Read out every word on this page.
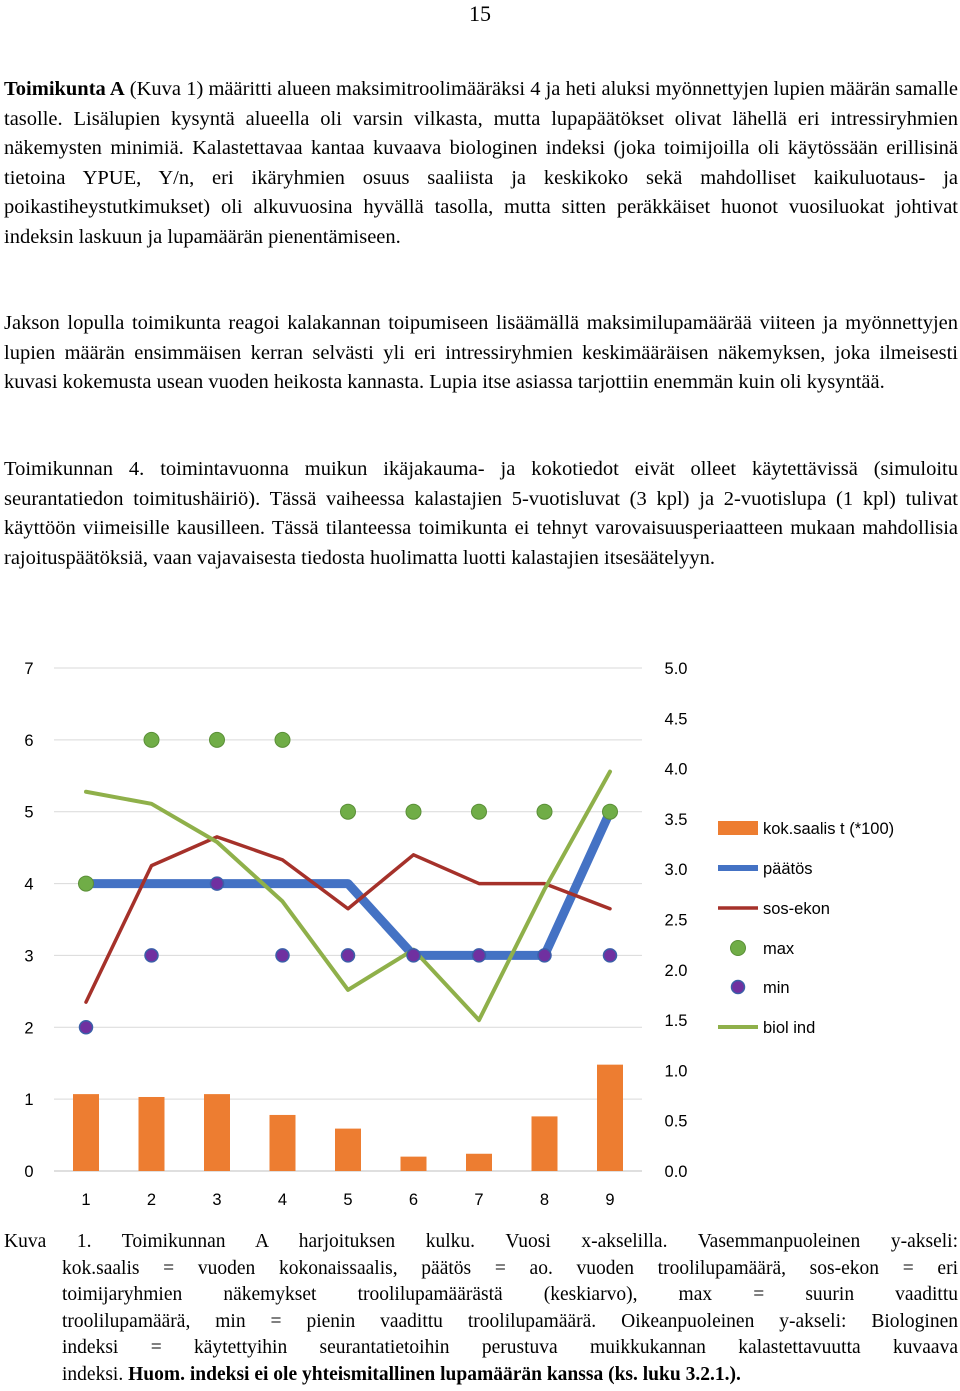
15

Toimikunta A (Kuva 1) määritti alueen maksimitroolimääräksi 4 ja heti aluksi myönnettyjen lupien määrän samalle tasolle. Lisälupien kysyntä alueella oli varsin vilkasta, mutta lupapäätökset olivat lähellä eri intressiryhmien näkemysten minimiä. Kalastettavaa kantaa kuvaava biologinen indeksi (joka toimijoilla oli käytössään erillisinä tietoina YPUE, Y/n, eri ikäryhmien osuus saaliista ja keskikoko sekä mahdolliset kaikuluotaus- ja poikastiheystutkimukset) oli alkuvuosina hyvällä tasolla, mutta sitten peräkkäiset huonot vuosiluokat johtivat indeksin laskuun ja lupamäärän pienentämiseen.

Jakson lopulla toimikunta reagoi kalakannan toipumiseen lisäämällä maksimilupamäärää viiteen ja myönnettyjen lupien määrän ensimmäisen kerran selvästi yli eri intressiryhmien keskimääräisen näkemyksen, joka ilmeisesti kuvasi kokemusta usean vuoden heikosta kannasta. Lupia itse asiassa tarjottiin enemmän kuin oli kysyntää.

Toimikunnan 4. toimintavuonna muikun ikäjakauma- ja kokotiedot eivät olleet käytettävissä (simuloitu seurantatiedon toimitushäiriö). Tässä vaiheessa kalastajien 5-vuotisluvat (3 kpl) ja 2-vuotislupa (1 kpl) tulivat käyttöön viimeisille kausilleen. Tässä tilanteessa toimikunta ei tehnyt varovaisuusperiaatteen mukaan mahdollisia rajoituspäätöksiä, vaan vajavaisesta tiedosta huolimatta luotti kalastajien itsesäätelyyn.

0
1
2
3
4
5
6
7
0.0
0.5
1.0
1.5
2.0
2.5
3.0
3.5
4.0
4.5
5.0
1	2	3	4	5	6	7	8	9
kok.saalis t (*100)
päätös
sos-ekon
max
min
biol ind
Kuva 1. Toimikunnan A harjoituksen kulku. Vuosi x-akselilla. Vasemmanpuoleinen y-akseli:
kok.saalis = vuoden kokonaissaalis, päätös = ao. vuoden troolilupamäärä, sos-ekon = eri
toimijaryhmien näkemykset troolilupamäärästä (keskiarvo), max = suurin vaadittu
troolilupamäärä, min = pienin vaadittu troolilupamäärä. Oikeanpuoleinen y-akseli: Biologinen
indeksi = käytettyihin seurantatietoihin perustuva muikkukannan kalastettavuutta kuvaava
indeksi. Huom. indeksi ei ole yhteismitallinen lupamäärän kanssa (ks. luku 3.2.1.).
